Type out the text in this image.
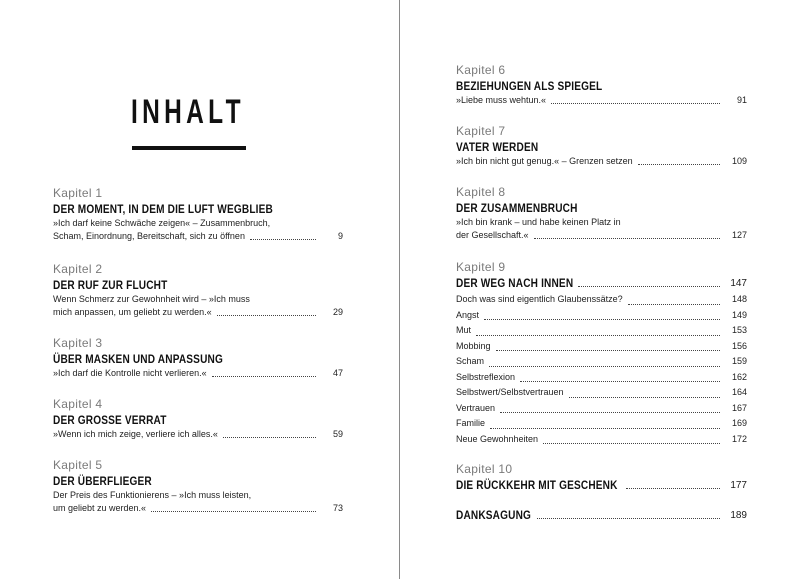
INHALT
Kapitel 1
DER MOMENT, IN DEM DIE LUFT WEGBLIEB
»Ich darf keine Schwäche zeigen« – Zusammenbruch,
Scham, Einordnung, Bereitschaft, sich zu öffnen	9
Kapitel 2
DER RUF ZUR FLUCHT
Wenn Schmerz zur Gewohnheit wird – »Ich muss
mich anpassen, um geliebt zu werden.«	29
Kapitel 3
ÜBER MASKEN UND ANPASSUNG
»Ich darf die Kontrolle nicht verlieren.«	47
Kapitel 4
DER GROSSE VERRAT
»Wenn ich mich zeige, verliere ich alles.«	59
Kapitel 5
DER ÜBERFLIEGER
Der Preis des Funktionierens – »Ich muss leisten,
um geliebt zu werden.«	73
Kapitel 6
BEZIEHUNGEN ALS SPIEGEL
»Liebe muss wehtun.«	91
Kapitel 7
VATER WERDEN
»Ich bin nicht gut genug.« – Grenzen setzen	109
Kapitel 8
DER ZUSAMMENBRUCH
»Ich bin krank – und habe keinen Platz in
der Gesellschaft.«	127
Kapitel 9
DER WEG NACH INNEN	147
Doch was sind eigentlich Glaubenssätze?	148
Angst	149
Mut	153
Mobbing	156
Scham	159
Selbstreflexion	162
Selbstwert/Selbstvertrauen	164
Vertrauen	167
Familie	169
Neue Gewohnheiten	172
Kapitel 10
DIE RÜCKKEHR MIT GESCHENK	177
DANKSAGUNG	189
